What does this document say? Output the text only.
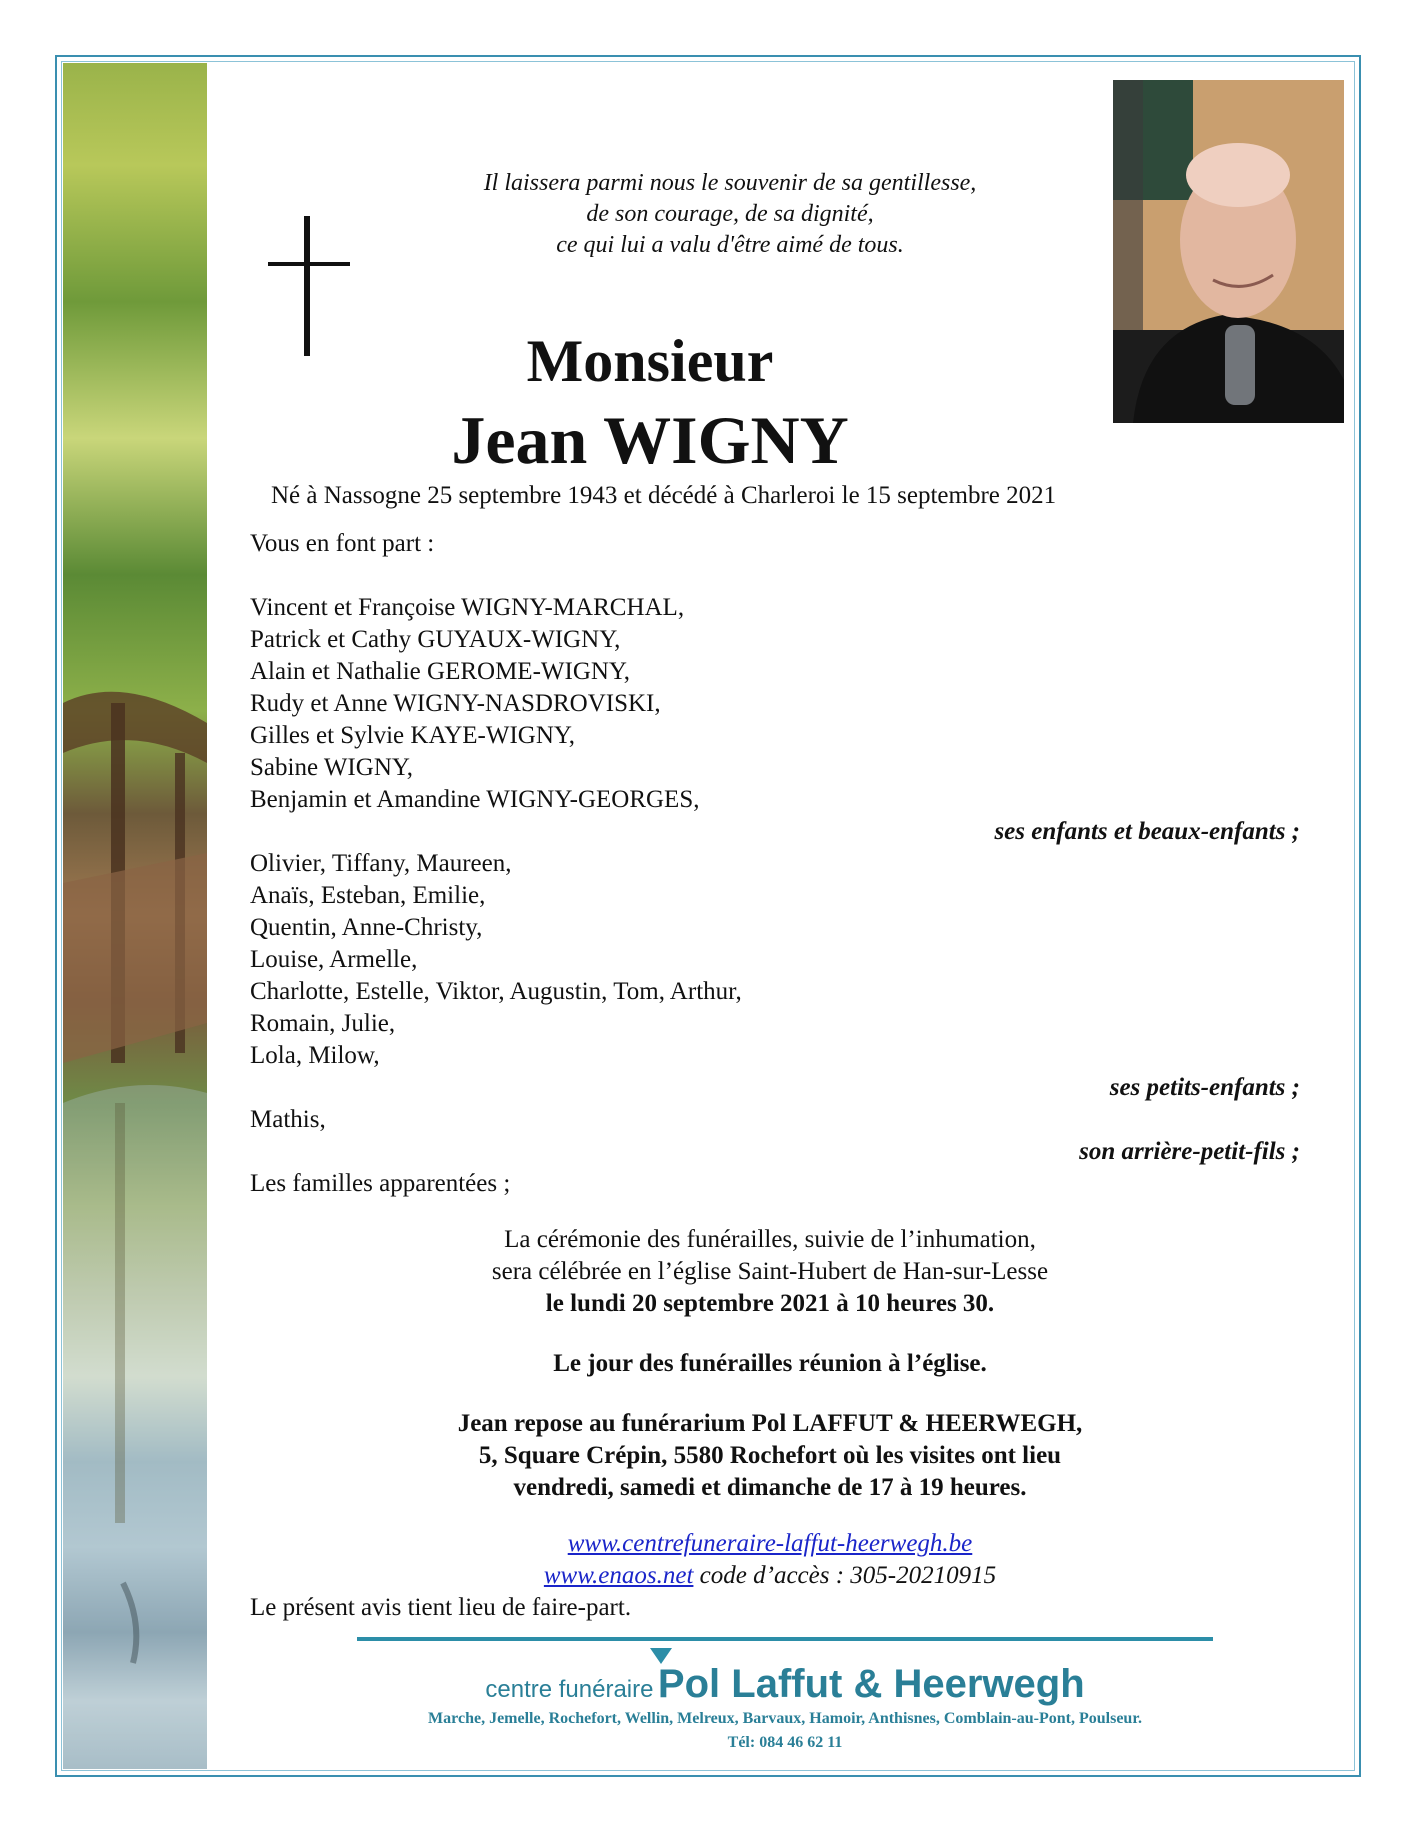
Il laissera parmi nous le souvenir de sa gentillesse,
de son courage, de sa dignité,
ce qui lui a valu d'être aimé de tous.
Monsieur
Jean WIGNY
Né à Nassogne 25 septembre 1943 et décédé à Charleroi le 15 septembre 2021
Vous en font part :
Vincent et Françoise WIGNY-MARCHAL,
Patrick et Cathy GUYAUX-WIGNY,
Alain et Nathalie GEROME-WIGNY,
Rudy et Anne WIGNY-NASDROVISKI,
Gilles et Sylvie KAYE-WIGNY,
Sabine WIGNY,
Benjamin et Amandine WIGNY-GEORGES,
ses enfants et beaux-enfants ;
Olivier, Tiffany, Maureen,
Anaïs, Esteban, Emilie,
Quentin, Anne-Christy,
Louise, Armelle,
Charlotte, Estelle, Viktor, Augustin, Tom, Arthur,
Romain, Julie,
Lola, Milow,
ses petits-enfants ;
Mathis,
son arrière-petit-fils ;
Les familles apparentées ;
La cérémonie des funérailles, suivie de l’inhumation,
sera célébrée en l’église Saint-Hubert de Han-sur-Lesse
le lundi 20 septembre 2021 à 10 heures 30.
Le jour des funérailles réunion à l’église.
Jean repose au funérarium Pol LAFFUT & HEERWEGH,
5, Square Crépin, 5580 Rochefort où les visites ont lieu
vendredi, samedi et dimanche de 17 à 19 heures.
www.centrefuneraire-laffut-heerwegh.be
www.enaos.net code d’accès : 305-20210915
Le présent avis tient lieu de faire-part.
centre funéraire Pol Laffut & Heerwegh
Marche, Jemelle, Rochefort, Wellin, Melreux, Barvaux, Hamoir, Anthisnes, Comblain-au-Pont, Poulseur.
Tél: 084 46 62 11
